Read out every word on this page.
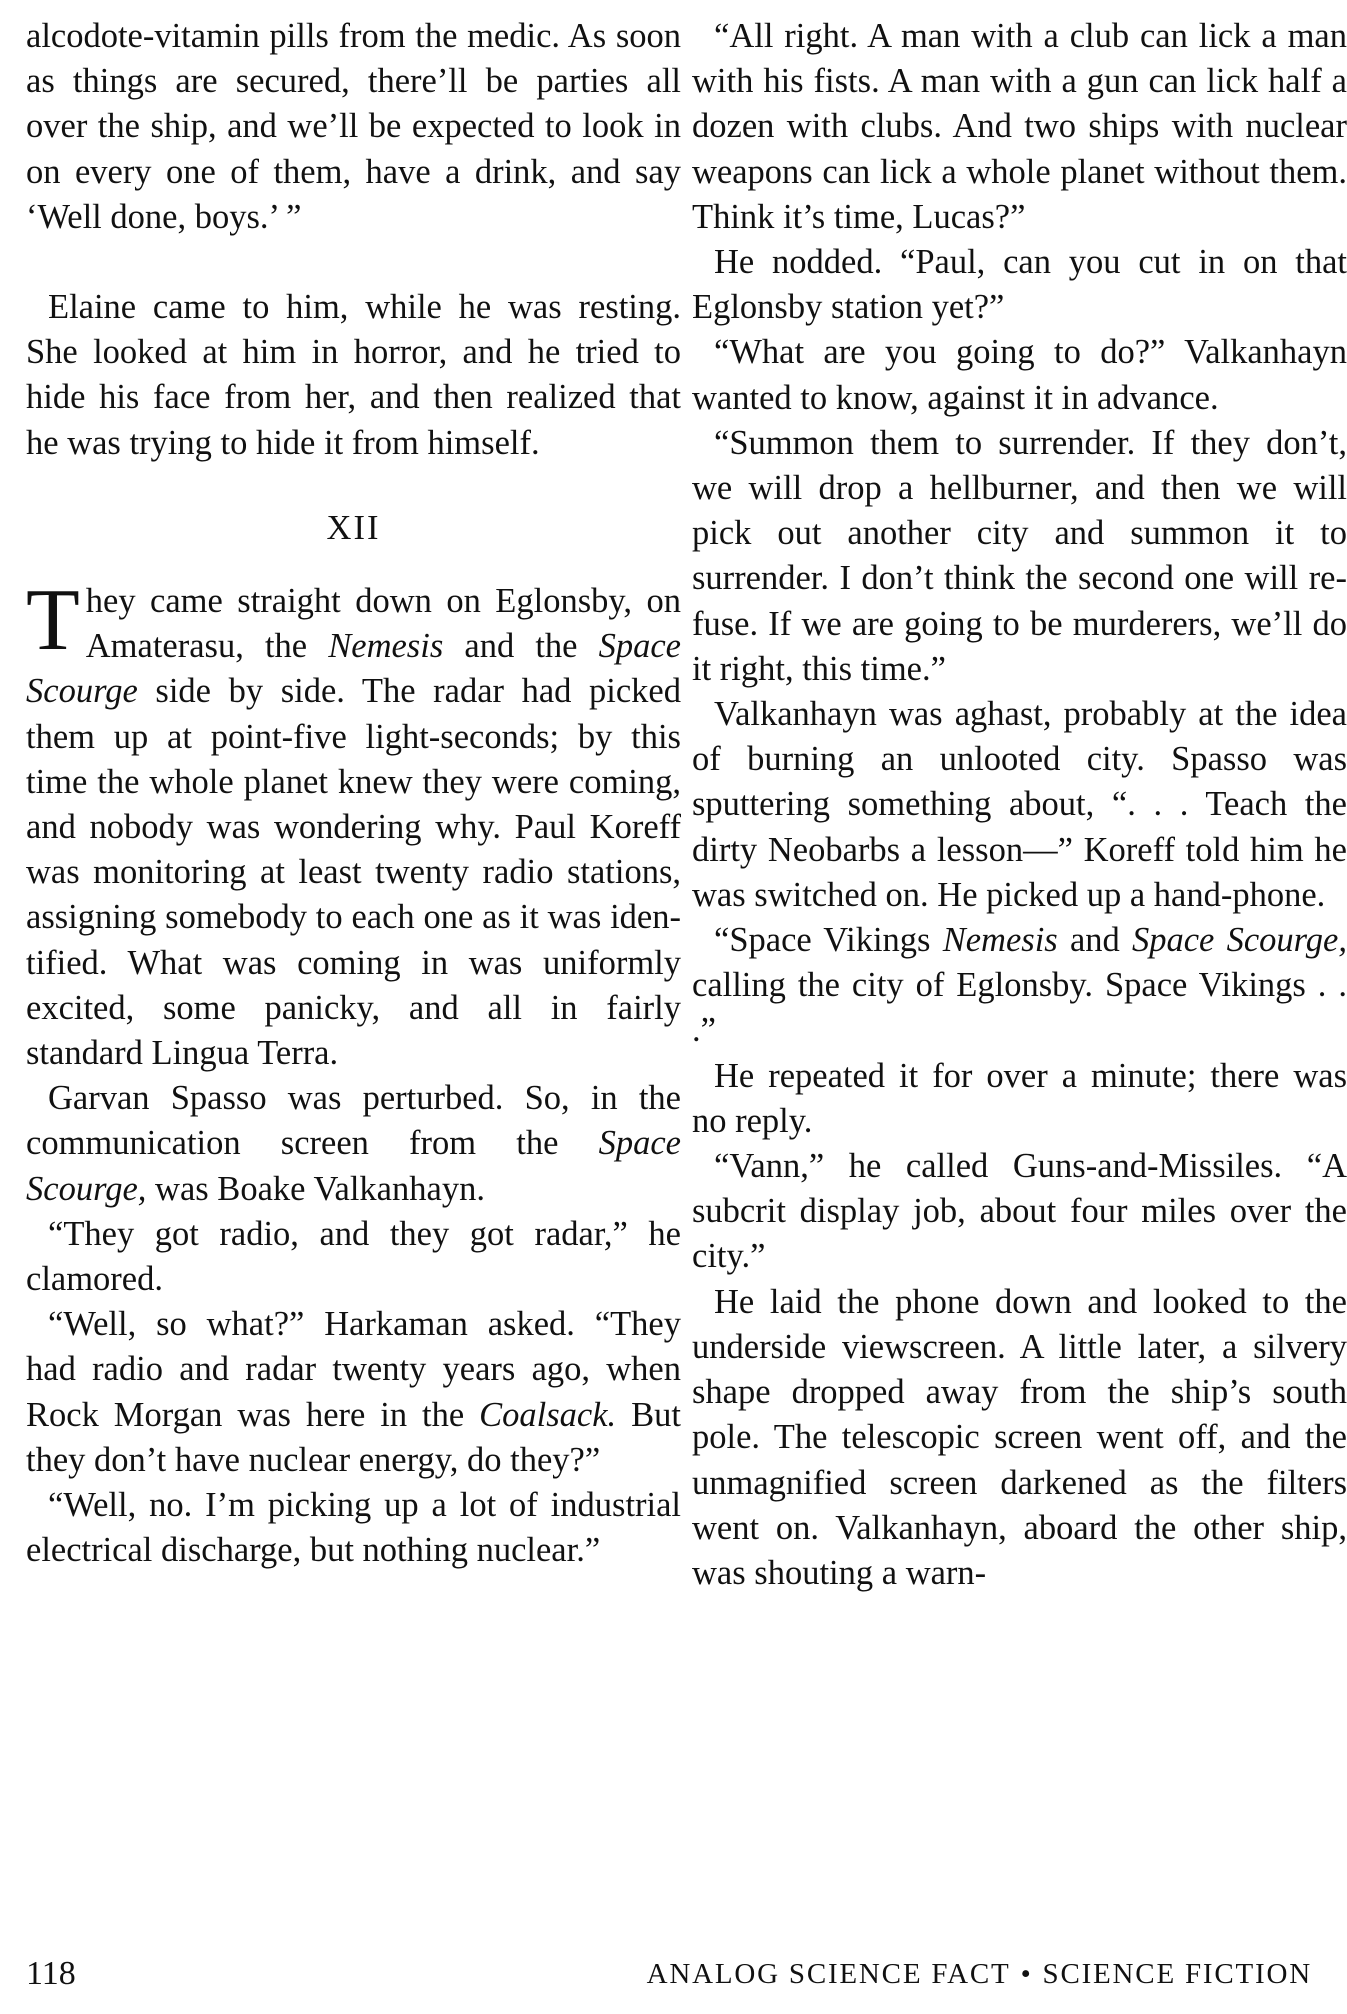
alcodote-vitamin pills from the medic. As soon as things are secured, there’ll be parties all over the ship, and we’ll be expected to look in on every one of them, have a drink, and say ‘Well done, boys.’ ”

Elaine came to him, while he was resting. She looked at him in horror, and he tried to hide his face from her, and then realized that he was trying to hide it from himself.

XII

They came straight down on Eglonsby, on Amaterasu, the Nemesis and the Space Scourge side by side. The radar had picked them up at point-five light-seconds; by this time the whole planet knew they were coming, and nobody was wondering why. Paul Koreff was monitoring at least twenty radio stations, assigning somebody to each one as it was identified. What was coming in was uniformly excited, some panicky, and all in fairly standard Lingua Terra.

Garvan Spasso was perturbed. So, in the communication screen from the Space Scourge, was Boake Valkanhayn.

“They got radio, and they got radar,” he clamored.

“Well, so what?” Harkaman asked. “They had radio and radar twenty years ago, when Rock Morgan was here in the Coalsack. But they don’t have nuclear energy, do they?”

“Well, no. I’m picking up a lot of industrial electrical discharge, but nothing nuclear.”

“All right. A man with a club can lick a man with his fists. A man with a gun can lick half a dozen with clubs. And two ships with nuclear weapons can lick a whole planet without them. Think it’s time, Lucas?”

He nodded. “Paul, can you cut in on that Eglonsby station yet?”

“What are you going to do?” Valkanhayn wanted to know, against it in advance.

“Summon them to surrender. If they don’t, we will drop a hellburner, and then we will pick out another city and summon it to surrender. I don’t think the second one will refuse. If we are going to be murderers, we’ll do it right, this time.”

Valkanhayn was aghast, probably at the idea of burning an unlooted city. Spasso was sputtering something about, “. . . Teach the dirty Neobarbs a lesson—” Koreff told him he was switched on. He picked up a hand-phone.

“Space Vikings Nemesis and Space Scourge, calling the city of Eglonsby. Space Vikings . . .”

He repeated it for over a minute; there was no reply.

“Vann,” he called Guns-and-Missiles. “A subcrit display job, about four miles over the city.”

He laid the phone down and looked to the underside viewscreen. A little later, a silvery shape dropped away from the ship’s south pole. The telescopic screen went off, and the unmagnified screen darkened as the filters went on. Valkanhayn, aboard the other ship, was shouting a warn-

118	ANALOG SCIENCE FACT • SCIENCE FICTION
